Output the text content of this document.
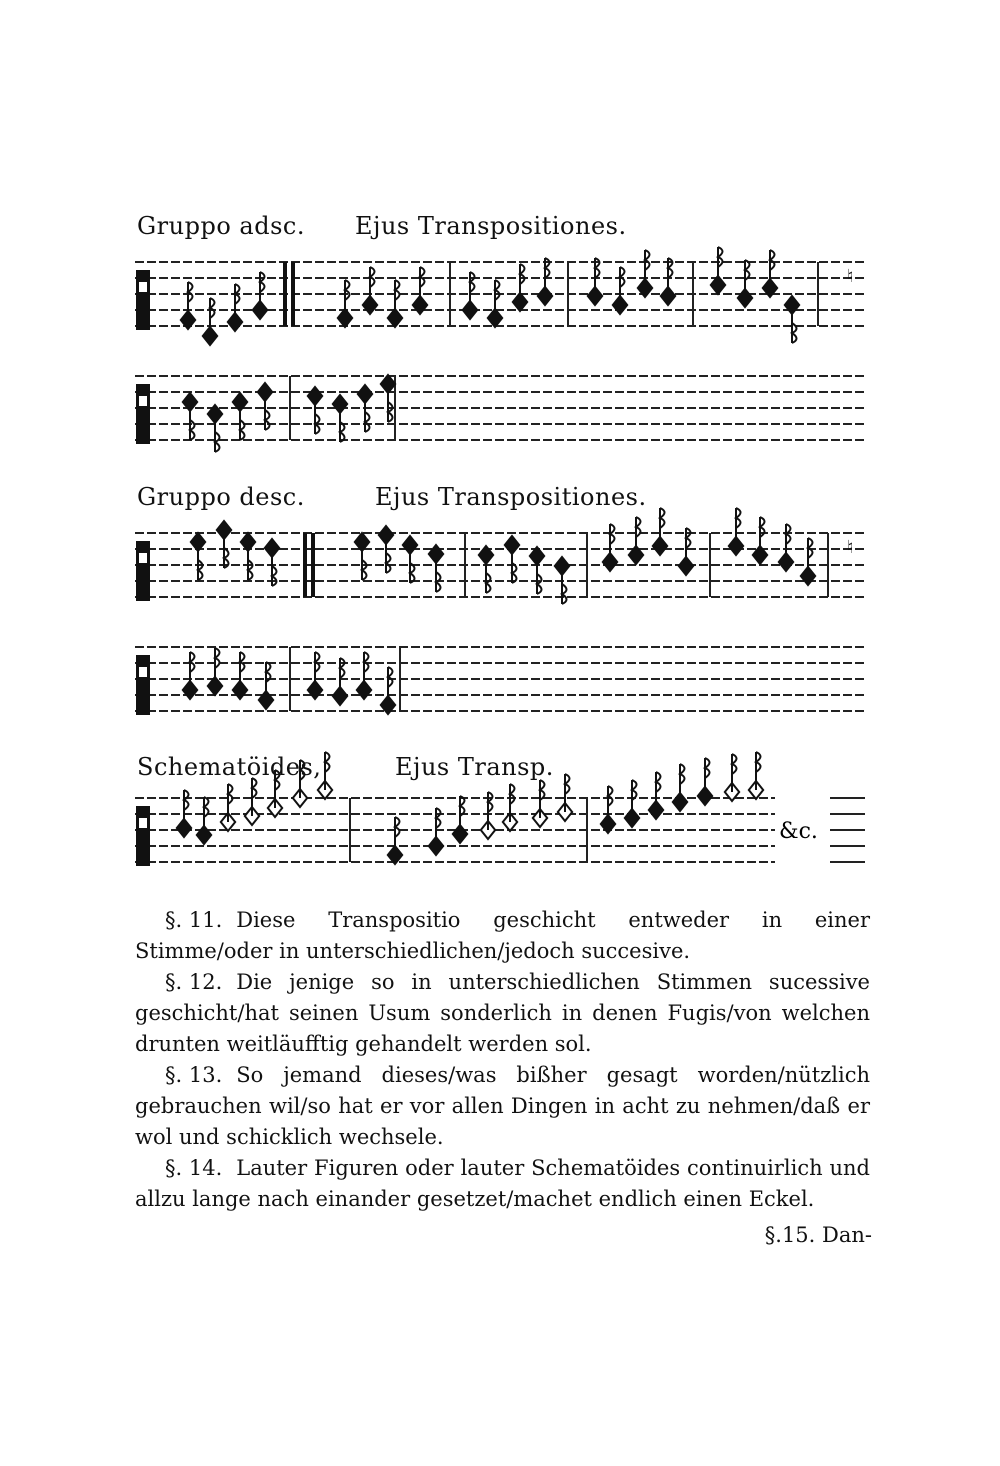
Gruppo adsc. Ejus Transpositiones.
Gruppo desc.	Ejus Transpositiones.
Schematöides,	Ejus Transp.
♮
♮
&c.

§. 11. Diese Transpositio geschicht entweder in einer Stimme/oder in unterschiedlichen/jedoch succesive.

§. 12. Die jenige so in unterschiedlichen Stimmen sucessive geschicht/hat seinen Usum sonderlich in denen Fugis/von welchen drunten weitläufftig gehandelt werden sol.

§. 13. So jemand dieses/was bißher gesagt worden/nützlich gebrauchen wil/so hat er vor allen Dingen in acht zu nehmen/daß er wol und schicklich wechsele.

§. 14. Lauter Figuren oder lauter Schematöides continuirlich und allzu lange nach einander gesetzet/machet endlich einen Eckel.

§.15. Dan-
